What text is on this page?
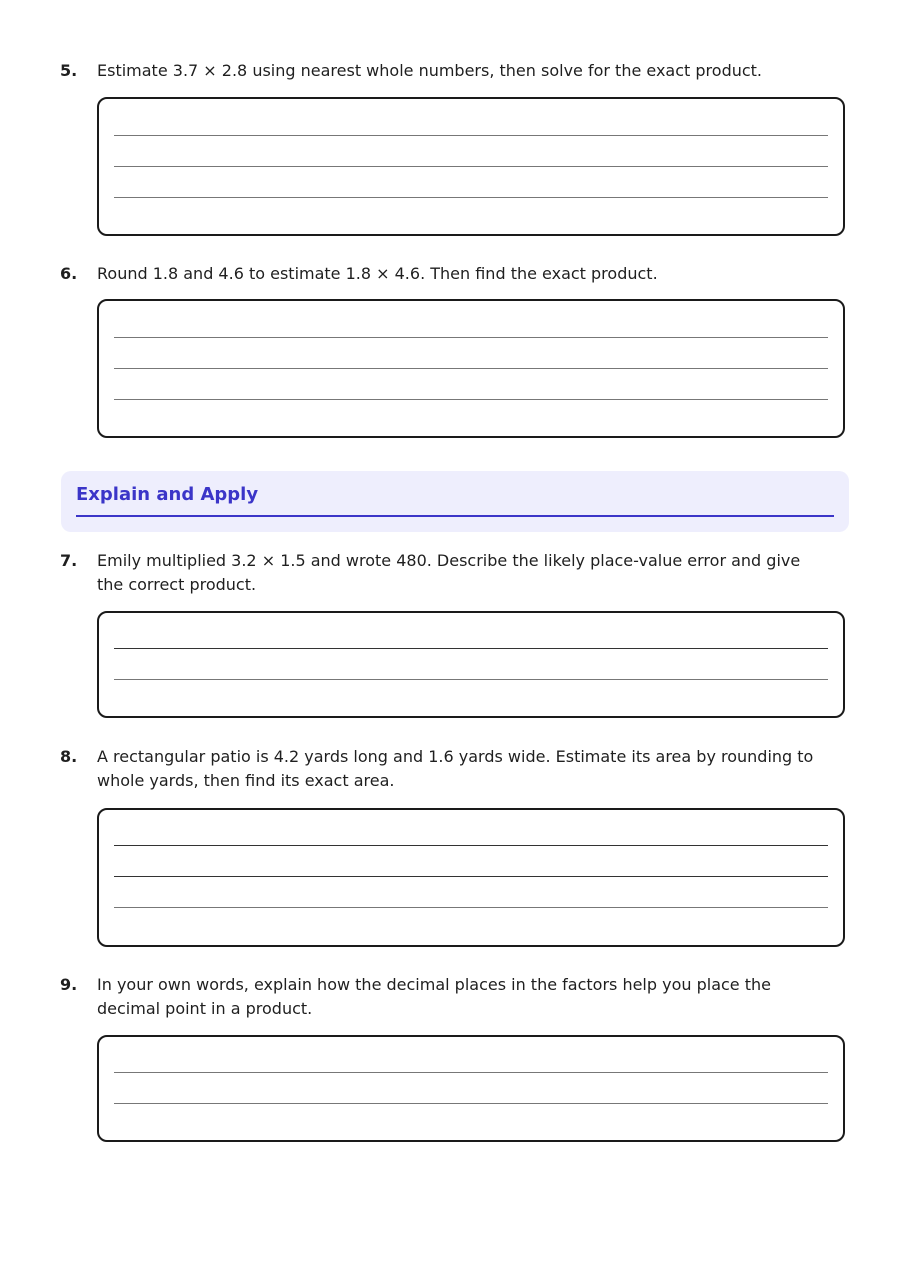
5.	Estimate 3.7 × 2.8 using nearest whole numbers, then solve for the exact product.
6.	Round 1.8 and 4.6 to estimate 1.8 × 4.6. Then find the exact product.
Explain and Apply
7.	Emily multiplied 3.2 × 1.5 and wrote 480. Describe the likely place-value error and give the correct product.
8.	A rectangular patio is 4.2 yards long and 1.6 yards wide. Estimate its area by rounding to whole yards, then find its exact area.
9.	In your own words, explain how the decimal places in the factors help you place the decimal point in a product.
